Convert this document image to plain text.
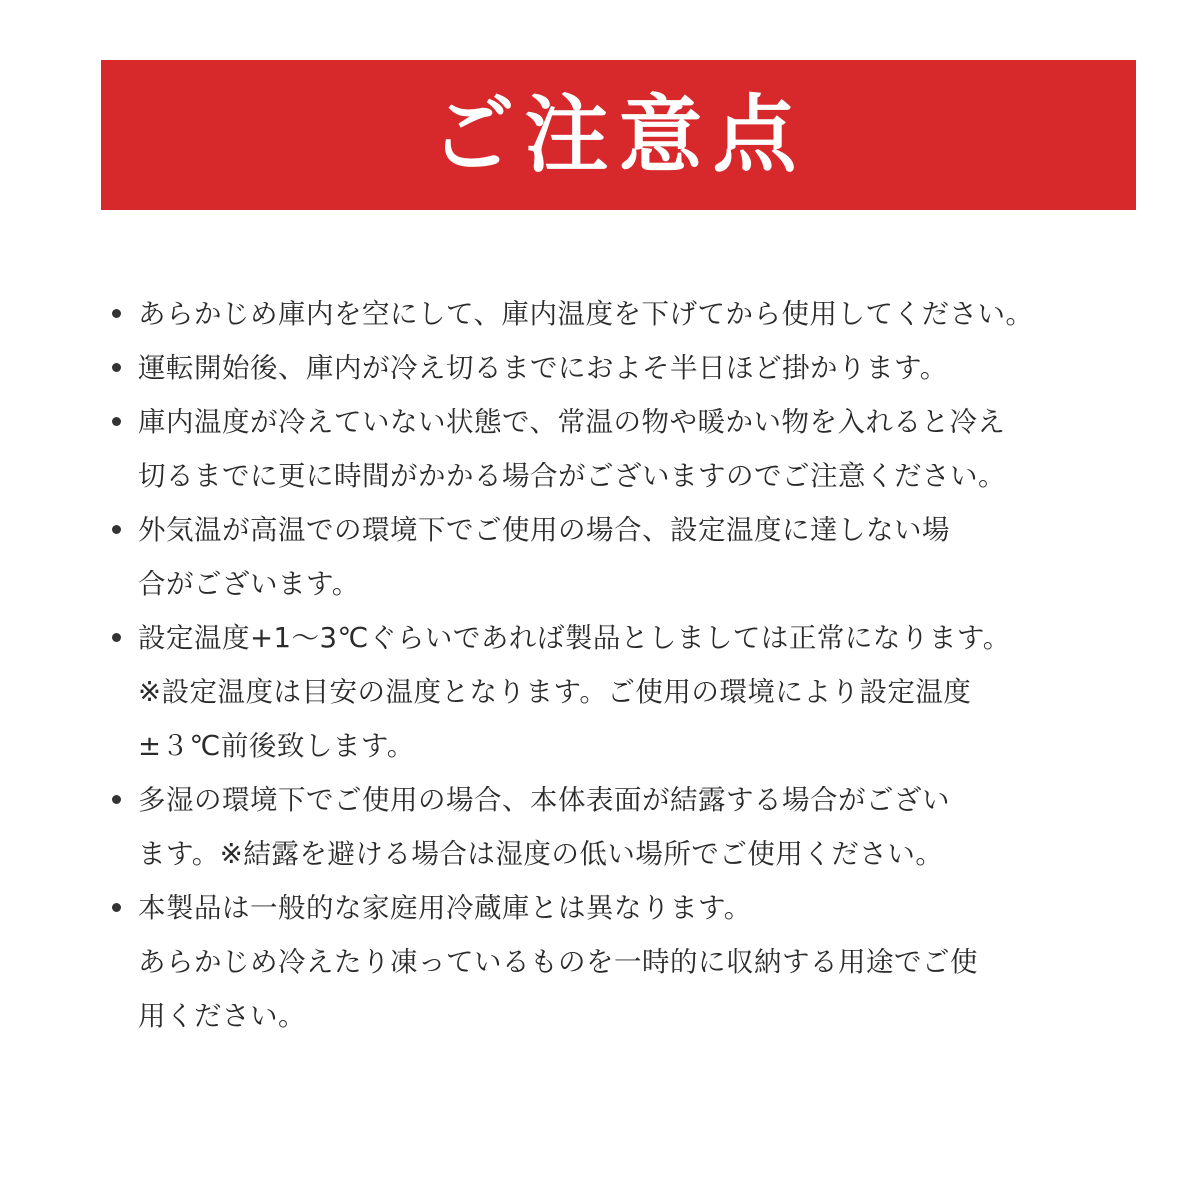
ご注意点
あらかじめ庫内を空にして、庫内温度を下げてから使用してください。
運転開始後、庫内が冷え切るまでにおよそ半日ほど掛かります。
庫内温度が冷えていない状態で、常温の物や暖かい物を入れると冷え
切るまでに更に時間がかかる場合がございますのでご注意ください。
外気温が高温での環境下でご使用の場合、設定温度に達しない場
合がございます。
設定温度+1～3℃ぐらいであれば製品としましては正常になります。
※設定温度は目安の温度となります。ご使用の環境により設定温度
±３℃前後致します。
多湿の環境下でご使用の場合、本体表面が結露する場合がござい
ます。※結露を避ける場合は湿度の低い場所でご使用ください。
本製品は一般的な家庭用冷蔵庫とは異なります。
あらかじめ冷えたり凍っているものを一時的に収納する用途でご使
用ください。
